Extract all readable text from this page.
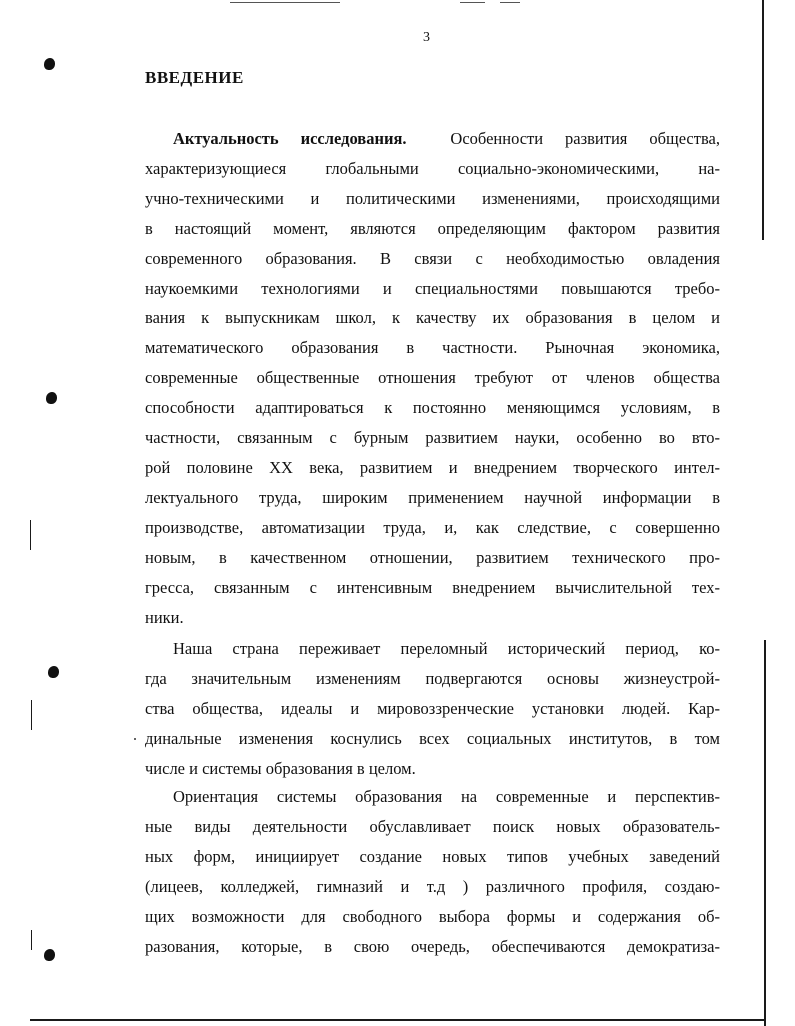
3
ВВЕДЕНИЕ

Актуальность исследования.	Особенности развития общества,

характеризующиеся глобальными социально-экономическими, на-

учно-техническими и политическими изменениями, происходящими

в настоящий момент, являются определяющим фактором развития

современного образования. В связи с необходимостью овладения

наукоемкими технологиями и специальностями повышаются требо-

вания к выпускникам школ, к качеству их образования в целом и

математического образования в частности. Рыночная экономика,

современные общественные отношения требуют от членов общества

способности адаптироваться к постоянно меняющимся условиям, в

частности, связанным с бурным развитием науки, особенно во вто-

рой половине XX века, развитием и внедрением творческого интел-

лектуального труда, широким применением научной информации в

производстве, автоматизации труда, и, как следствие, с совершенно

новым, в качественном отношении, развитием технического про-

гресса, связанным с интенсивным внедрением вычислительной тех-

ники.

Наша страна переживает переломный исторический период, ко-

гда значительным изменениям подвергаются основы жизнеустрой-

ства общества, идеалы и мировоззренческие установки людей. Кар-

динальные изменения коснулись всех социальных институтов, в том

числе и системы образования в целом.

Ориентация системы образования на современные и перспектив-

ные виды деятельности обуславливает поиск новых образователь-

ных форм, инициирует создание новых типов учебных заведений

(лицеев, колледжей, гимназий и т.д ) различного профиля, создаю-

щих возможности для свободного выбора формы и содержания об-

разования, которые, в свою очередь, обеспечиваются демократиза-
